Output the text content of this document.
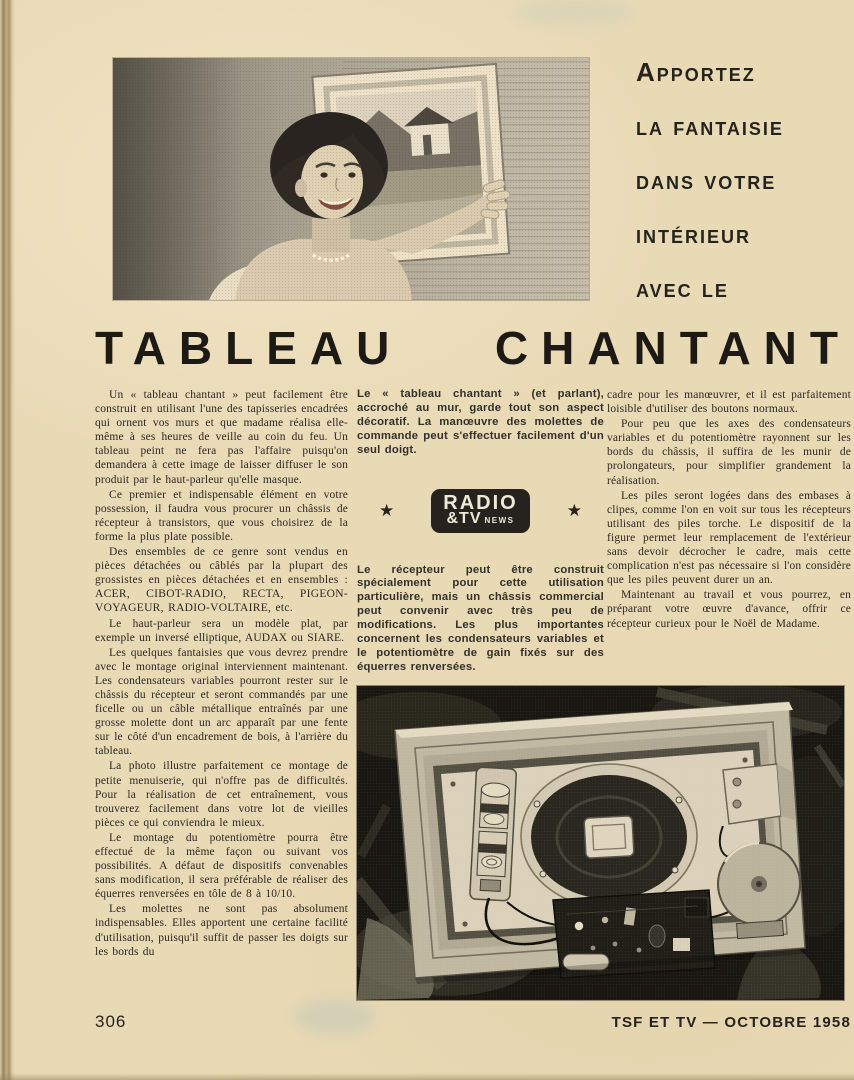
Apportez
la fantaisie
dans votre
intérieur
avec le
TABLEAU CHANTANT

Un « tableau chantant » peut facilement être construit en utilisant l'une des tapisseries encadrées qui ornent vos murs et que madame réalisa elle-même à ses heures de veille au coin du feu. Un tableau peint ne fera pas l'affaire puisqu'on demandera à cette image de laisser diffuser le son produit par le haut-parleur qu'elle masque.

Ce premier et indispensable élément en votre possession, il faudra vous procurer un châssis de récepteur à transistors, que vous choisirez de la forme la plus plate possible.

Des ensembles de ce genre sont vendus en pièces détachées ou câblés par la plupart des grossistes en pièces détachées et en ensembles : ACER, CIBOT-RADIO, RECTA, PIGEON-VOYAGEUR, RADIO-VOLTAIRE, etc.

Le haut-parleur sera un modèle plat, par exemple un inversé elliptique, AUDAX ou SIARE.

Les quelques fantaisies que vous devrez prendre avec le montage original interviennent maintenant. Les condensateurs variables pourront rester sur le châssis du récepteur et seront commandés par une ficelle ou un câble métallique entraînés par une grosse molette dont un arc apparaît par une fente sur le côté d'un encadrement de bois, à l'arrière du tableau.

La photo illustre parfaitement ce montage de petite menuiserie, qui n'offre pas de difficultés. Pour la réalisation de cet entraînement, vous trouverez facilement dans votre lot de vieilles pièces ce qui conviendra le mieux.

Le montage du potentiomètre pourra être effectué de la même façon ou suivant vos possibilités. A défaut de dispositifs convenables sans modification, il sera préférable de réaliser des équerres renversées en tôle de 8 à 10/10.

Les molettes ne sont pas absolument indispensables. Elles apportent une certaine facilité d'utilisation, puisqu'il suffit de passer les doigts sur les bords du

Le « tableau chantant » (et parlant), accroché au mur, garde tout son aspect décoratif. La manœuvre des molettes de commande peut s'effectuer facilement d'un seul doigt.
★ RADIO
&TV NEWS
★
Le récepteur peut être construit spécialement pour cette utilisation particulière, mais un châssis commercial peut convenir avec très peu de modifications. Les plus importantes concernent les condensateurs variables et le potentiomètre de gain fixés sur des équerres renversées.

cadre pour les manœuvrer, et il est parfaitement loisible d'utiliser des boutons normaux.

Pour peu que les axes des condensateurs variables et du potentiomètre rayonnent sur les bords du châssis, il suffira de les munir de prolongateurs, pour simplifier grandement la réalisation.

Les piles seront logées dans des embases à clipes, comme l'on en voit sur tous les récepteurs utilisant des piles torche. Le dispositif de la figure permet leur remplacement de l'extérieur sans devoir décrocher le cadre, mais cette complication n'est pas nécessaire si l'on considère que les piles peuvent durer un an.

Maintenant au travail et vous pourrez, en préparant votre œuvre d'avance, offrir ce récepteur curieux pour le Noël de Madame.

306	TSF ET TV — OCTOBRE 1958
